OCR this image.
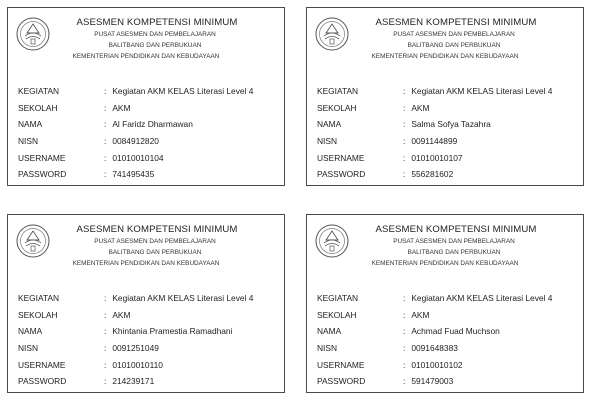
ASESMEN KOMPETENSI MINIMUM
PUSAT ASESMEN DAN PEMBELAJARAN
BALITBANG DAN PERBUKUAN
KEMENTERIAN PENDIDIKAN DAN KEBUDAYAAN
KEGIATAN	: Kegiatan AKM KELAS Literasi Level 4
SEKOLAH	: AKM
NAMA	: Al Faridz Dharmawan
NISN	: 0084912820
USERNAME	: 01010010104
PASSWORD	: 741495435
ASESMEN KOMPETENSI MINIMUM
PUSAT ASESMEN DAN PEMBELAJARAN
BALITBANG DAN PERBUKUAN
KEMENTERIAN PENDIDIKAN DAN KEBUDAYAAN
KEGIATAN	: Kegiatan AKM KELAS Literasi Level 4
SEKOLAH	: AKM
NAMA	: Salma Sofya Tazahra
NISN	: 0091144899
USERNAME	: 01010010107
PASSWORD	: 556281602
ASESMEN KOMPETENSI MINIMUM
PUSAT ASESMEN DAN PEMBELAJARAN
BALITBANG DAN PERBUKUAN
KEMENTERIAN PENDIDIKAN DAN KEBUDAYAAN
KEGIATAN	: Kegiatan AKM KELAS Literasi Level 4
SEKOLAH	: AKM
NAMA	: Khintania Pramestia Ramadhani
NISN	: 0091251049
USERNAME	: 01010010110
PASSWORD	: 214239171
ASESMEN KOMPETENSI MINIMUM
PUSAT ASESMEN DAN PEMBELAJARAN
BALITBANG DAN PERBUKUAN
KEMENTERIAN PENDIDIKAN DAN KEBUDAYAAN
KEGIATAN	: Kegiatan AKM KELAS Literasi Level 4
SEKOLAH	: AKM
NAMA	: Achmad Fuad Muchson
NISN	: 0091648383
USERNAME	: 01010010102
PASSWORD	: 591479003
